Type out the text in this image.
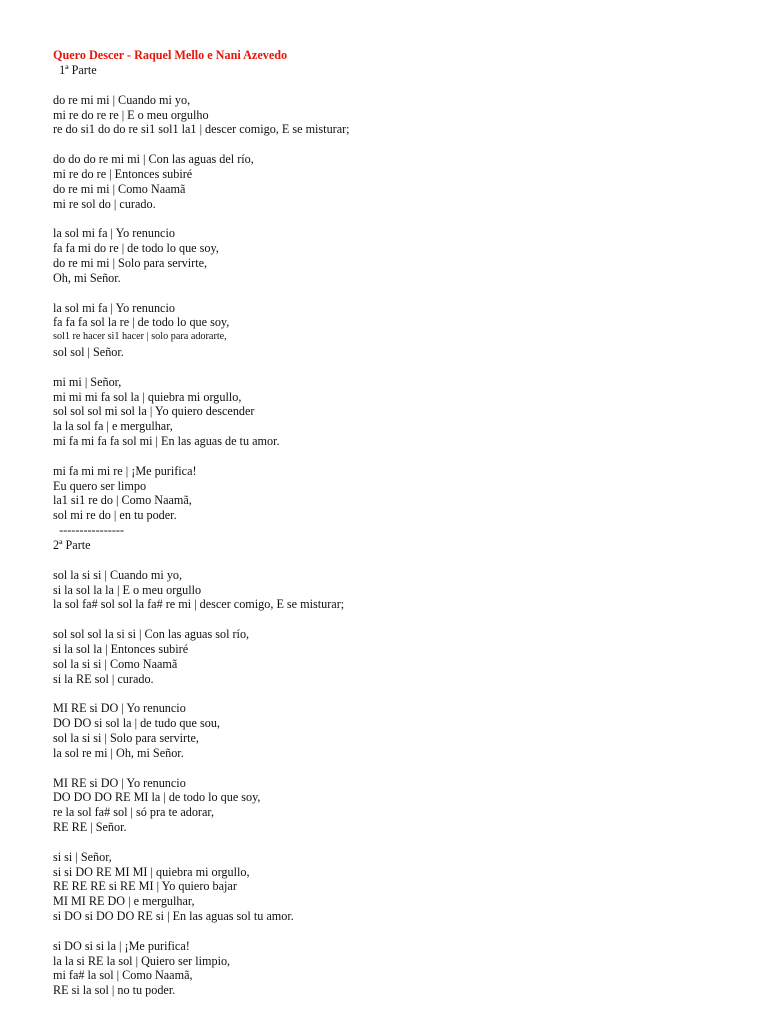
Quero Descer - Raquel Mello e Nani Azevedo
1ª Parte
do re mi mi | Cuando mi yo,
mi re do re re | E o meu orgulho
re do si1 do do re si1 sol1 la1 | descer comigo, E se misturar;
do do do re mi mi | Con las aguas del río,
mi re do re | Entonces subiré
do re mi mi | Como Naamã
mi re sol do | curado.
la sol mi fa | Yo renuncio
fa fa mi do re | de todo lo que soy,
do re mi mi | Solo para servirte,
Oh, mi Señor.
la sol mi fa | Yo renuncio
fa fa fa sol la re | de todo lo que soy,
sol1 re hacer si1 hacer | solo para adorarte,
sol sol | Señor.
mi mi | Señor,
mi mi mi fa sol la | quiebra mi orgullo,
sol sol sol mi sol la | Yo quiero descender
la la sol fa | e mergulhar,
mi fa mi fa fa sol mi | En las aguas de tu amor.
mi fa mi mi re | ¡Me purifica!
Eu quero ser limpo
la1 si1 re do | Como Naamã,
sol mi re do | en tu poder.
----------------
2ª Parte
sol la si si | Cuando mi yo,
si la sol la la | E o meu orgullo
la sol fa# sol sol la fa# re mi | descer comigo, E se misturar;
sol sol sol la si si | Con las aguas sol río,
si la sol la | Entonces subiré
sol la si si | Como Naamã
si la RE sol | curado.
MI RE si DO | Yo renuncio
DO DO si sol la | de tudo que sou,
sol la si si | Solo para servirte,
la sol re mi | Oh, mi Señor.
MI RE si DO | Yo renuncio
DO DO DO RE MI la | de todo lo que soy,
re la sol fa# sol | só pra te adorar,
RE RE | Señor.
si si | Señor,
si si DO RE MI MI | quiebra mi orgullo,
RE RE RE si RE MI | Yo quiero bajar
MI MI RE DO | e mergulhar,
si DO si DO DO RE si | En las aguas sol tu amor.
si DO si si la | ¡Me purifica!
la la si RE la sol | Quiero ser limpio,
mi fa# la sol | Como Naamã,
RE si la sol | no tu poder.
